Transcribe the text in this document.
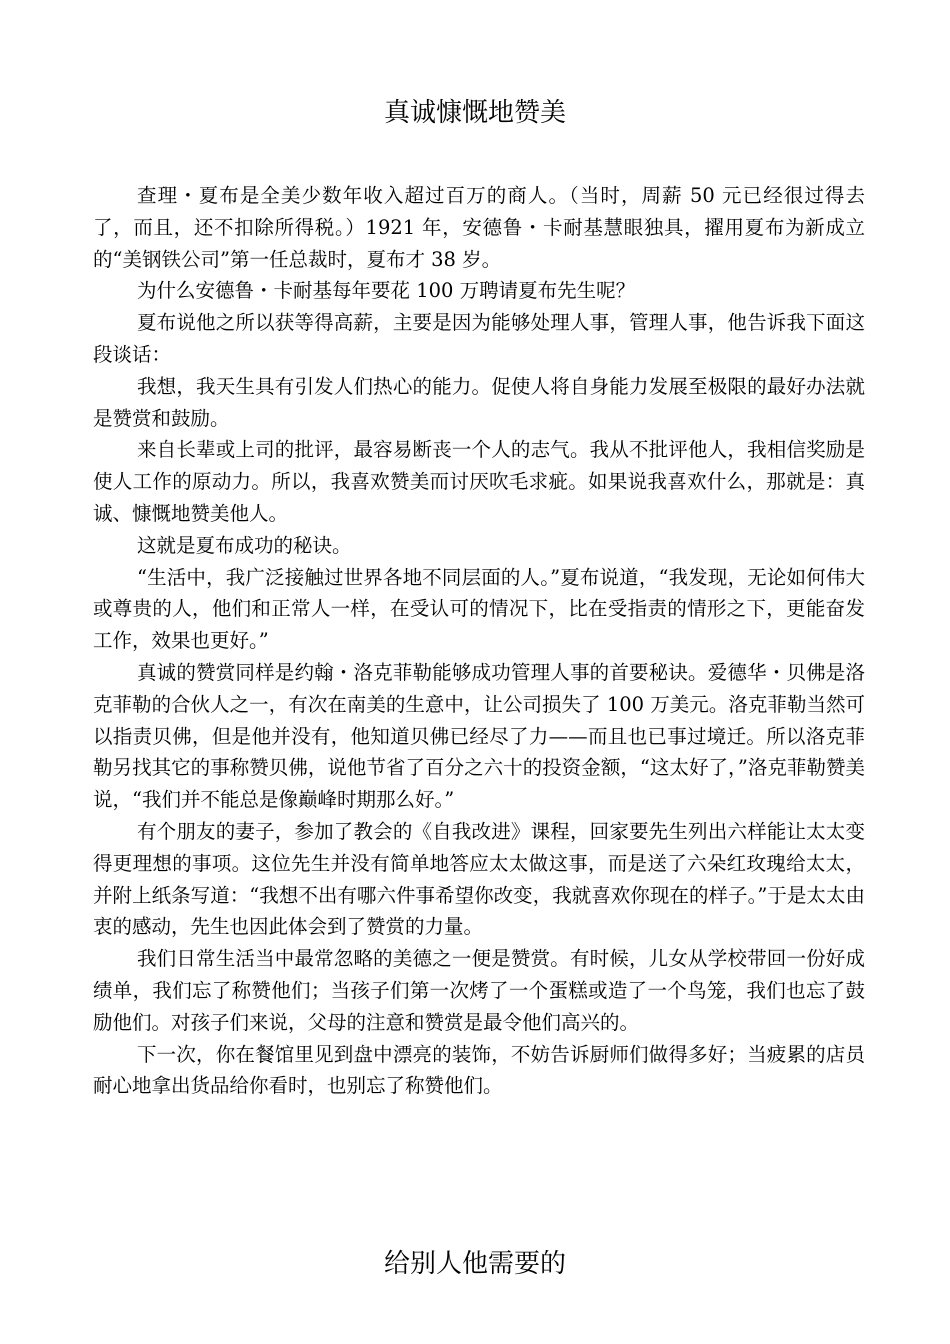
真诚慷慨地赞美

查理・夏布是全美少数年收入超过百万的商人。（当时，周薪 50 元已经很过得去了，而且，还不扣除所得税。）1921 年，安德鲁・卡耐基慧眼独具，擢用夏布为新成立的“美钢铁公司”第一任总裁时，夏布才 38 岁。

为什么安德鲁・卡耐基每年要花 100 万聘请夏布先生呢？

夏布说他之所以获等得高薪，主要是因为能够处理人事，管理人事，他告诉我下面这段谈话：

我想，我天生具有引发人们热心的能力。促使人将自身能力发展至极限的最好办法就是赞赏和鼓励。

来自长辈或上司的批评，最容易断丧一个人的志气。我从不批评他人，我相信奖励是使人工作的原动力。所以，我喜欢赞美而讨厌吹毛求疵。如果说我喜欢什么，那就是：真诚、慷慨地赞美他人。

这就是夏布成功的秘诀。

“生活中，我广泛接触过世界各地不同层面的人。”夏布说道，“我发现，无论如何伟大或尊贵的人，他们和正常人一样，在受认可的情况下，比在受指责的情形之下，更能奋发工作，效果也更好。”

真诚的赞赏同样是约翰・洛克菲勒能够成功管理人事的首要秘诀。爱德华・贝佛是洛克菲勒的合伙人之一，有次在南美的生意中，让公司损失了 100 万美元。洛克菲勒当然可以指责贝佛，但是他并没有，他知道贝佛已经尽了力——而且也已事过境迁。所以洛克菲勒另找其它的事称赞贝佛，说他节省了百分之六十的投资金额，“这太好了，”洛克菲勒赞美说，“我们并不能总是像巅峰时期那么好。”

有个朋友的妻子，参加了教会的《自我改进》课程，回家要先生列出六样能让太太变得更理想的事项。这位先生并没有简单地答应太太做这事，而是送了六朵红玫瑰给太太，并附上纸条写道：“我想不出有哪六件事希望你改变，我就喜欢你现在的样子。”于是太太由衷的感动，先生也因此体会到了赞赏的力量。

我们日常生活当中最常忽略的美德之一便是赞赏。有时候，儿女从学校带回一份好成绩单，我们忘了称赞他们；当孩子们第一次烤了一个蛋糕或造了一个鸟笼，我们也忘了鼓励他们。对孩子们来说，父母的注意和赞赏是最令他们高兴的。

下一次，你在餐馆里见到盘中漂亮的装饰，不妨告诉厨师们做得多好；当疲累的店员耐心地拿出货品给你看时，也别忘了称赞他们。

给别人他需要的
